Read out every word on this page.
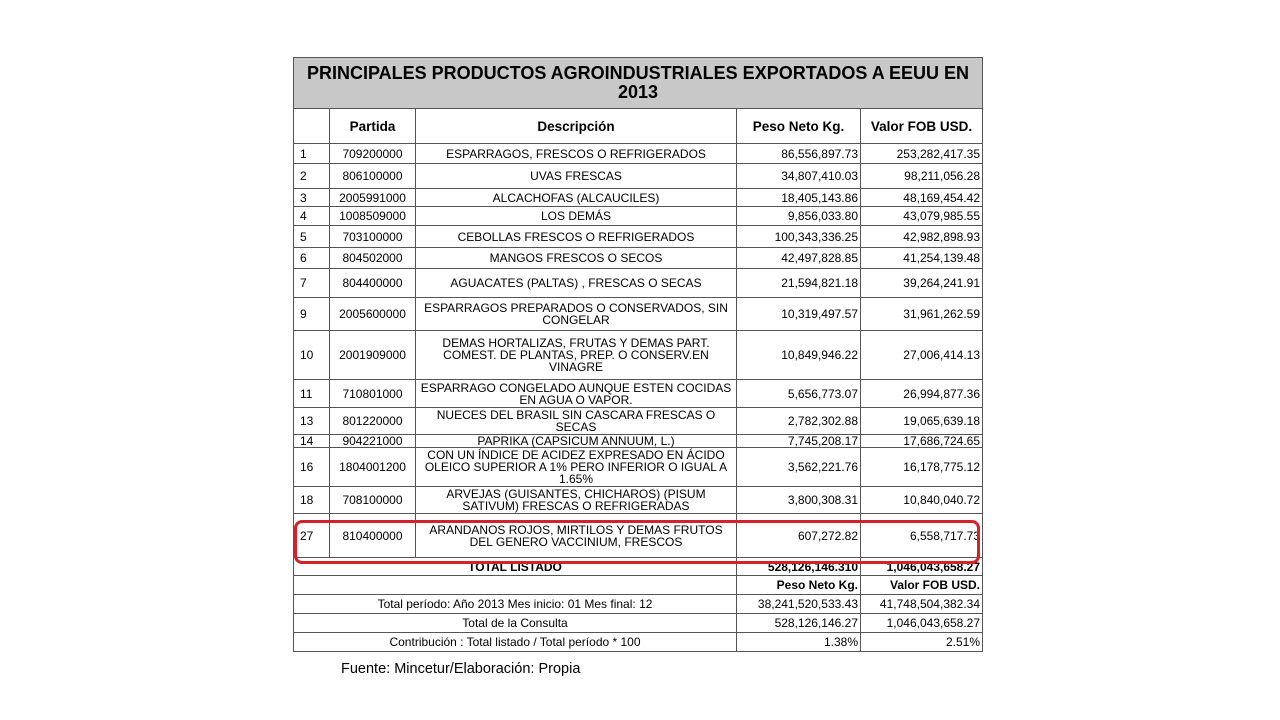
PRINCIPALES PRODUCTOS AGROINDUSTRIALES EXPORTADOS A EEUU EN 2013				
	Partida	Descripción	Peso Neto Kg.	Valor FOB USD.
1	709200000	ESPARRAGOS, FRESCOS O REFRIGERADOS	86,556,897.73	253,282,417.35
2	806100000	UVAS FRESCAS	34,807,410.03	98,211,056.28
3	2005991000	ALCACHOFAS (ALCAUCILES)	18,405,143.86	48,169,454.42
4	1008509000	LOS DEMÁS	9,856,033.80	43,079,985.55
5	703100000	CEBOLLAS FRESCOS O REFRIGERADOS	100,343,336.25	42,982,898.93
6	804502000	MANGOS FRESCOS O SECOS	42,497,828.85	41,254,139.48
7	804400000	AGUACATES (PALTAS) , FRESCAS O SECAS	21,594,821.18	39,264,241.91
9	2005600000	ESPARRAGOS PREPARADOS O CONSERVADOS, SIN CONGELAR	10,319,497.57	31,961,262.59
10	2001909000	DEMAS HORTALIZAS, FRUTAS Y DEMAS PART. COMEST. DE PLANTAS, PREP. O CONSERV.EN VINAGRE	10,849,946.22	27,006,414.13
11	710801000	ESPARRAGO CONGELADO AUNQUE ESTEN COCIDAS EN AGUA O VAPOR.	5,656,773.07	26,994,877.36
13	801220000	NUECES DEL BRASIL SIN CASCARA FRESCAS O SECAS	2,782,302.88	19,065,639.18
14	904221000	PAPRIKA (CAPSICUM ANNUUM, L.)	7,745,208.17	17,686,724.65
16	1804001200	CON UN ÍNDICE DE ACIDEZ EXPRESADO EN ÁCIDO OLEICO SUPERIOR A 1% PERO INFERIOR O IGUAL A 1.65%	3,562,221.76	16,178,775.12
18	708100000	ARVEJAS (GUISANTES, CHICHAROS) (PISUM SATIVUM) FRESCAS O REFRIGERADAS	3,800,308.31	10,840,040.72
27	810400000	ARANDANOS ROJOS, MIRTILOS Y DEMAS FRUTOS DEL GENERO VACCINIUM, FRESCOS	607,272.82	6,558,717.73
TOTAL LISTADO			528,126,146.310	1,046,043,658.27
			Peso Neto Kg.	Valor FOB USD.
Total período: Año 2013 Mes inicio: 01 Mes final: 12			38,241,520,533.43	41,748,504,382.34
Total de la Consulta			528,126,146.27	1,046,043,658.27
Contribución : Total listado / Total período * 100			1.38%	2.51%
Fuente: Mincetur/Elaboración: Propia
